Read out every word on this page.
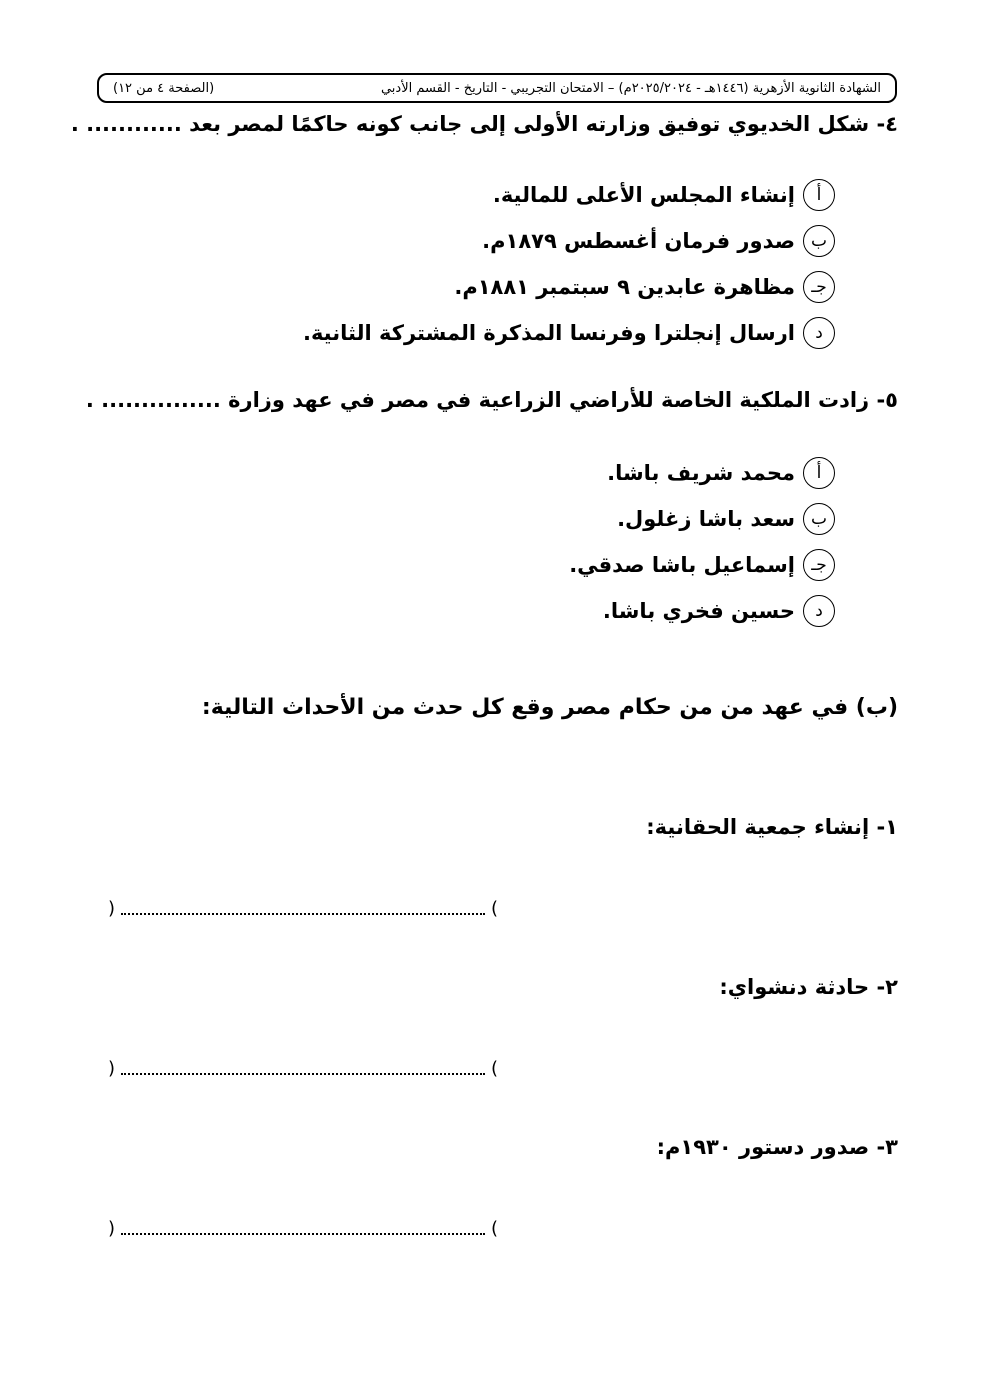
الشهادة الثانوية الأزهرية (١٤٤٦هـ - ٢٠٢٥/٢٠٢٤م) – الامتحان التجريبي - التاريخ - القسم الأدبي
(الصفحة ٤ من ١٢)
٤- شكل الخديوي توفيق وزارته الأولى إلى جانب كونه حاكمًا لمصر بعد ............ .
أ
إنشاء المجلس الأعلى للمالية.
ب
صدور فرمان أغسطس ١٨٧٩م.
جـ
مظاهرة عابدين ٩ سبتمبر ١٨٨١م.
د
ارسال إنجلترا وفرنسا المذكرة المشتركة الثانية.
٥- زادت الملكية الخاصة للأراضي الزراعية في مصر في عهد وزارة ............... .
أ
محمد شريف باشا.
ب
سعد باشا زغلول.
جـ
إسماعيل باشا صدقي.
د
حسين فخري باشا.
(ب) في عهد من من حكام مصر وقع كل حدث من الأحداث التالية:
١- إنشاء جمعية الحقانية:
)	(
٢- حادثة دنشواي:
)	(
٣- صدور دستور ١٩٣٠م:
)	(
